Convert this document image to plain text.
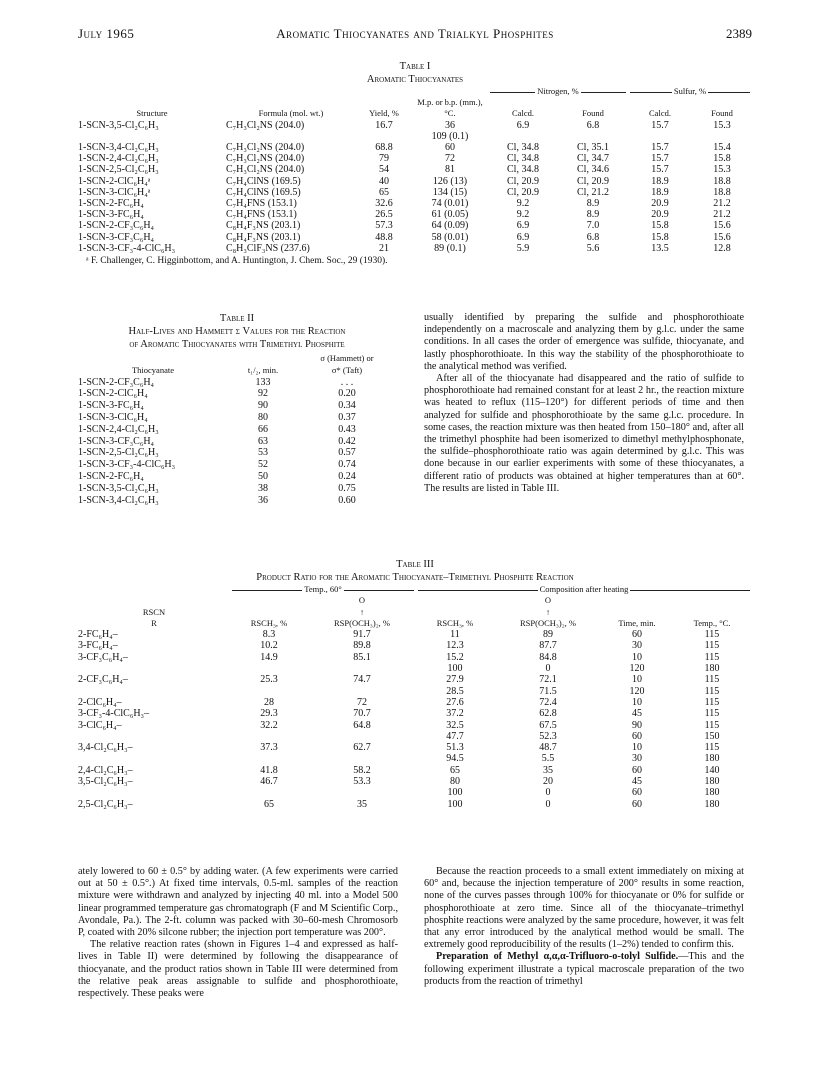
July 1965	Aromatic Thiocyanates and Trialkyl Phosphites	2389
Table I
Aromatic Thiocyanates
				Nitrogen, %		Sulfur, %	
Structure	Formula (mol. wt.)	Yield, %	M.p. or b.p. (mm.), °C.	Calcd.	Found	Calcd.	Found
1-SCN-3,5-Cl₂C₆H₃	C₇H₃Cl₂NS (204.0)	16.7	36	6.9	6.8	15.7	15.3
			109 (0.1)				
1-SCN-3,4-Cl₂C₆H₃	C₇H₃Cl₂NS (204.0)	68.8	60	Cl, 34.8	Cl, 35.1	15.7	15.4
1-SCN-2,4-Cl₂C₆H₃	C₇H₃Cl₂NS (204.0)	79	72	Cl, 34.8	Cl, 34.7	15.7	15.8
1-SCN-2,5-Cl₂C₆H₃	C₇H₃Cl₂NS (204.0)	54	81	Cl, 34.8	Cl, 34.6	15.7	15.3
1-SCN-2-ClC₆H₄ᵃ	C₇H₄ClNS (169.5)	40	126 (13)	Cl, 20.9	Cl, 20.9	18.9	18.8
1-SCN-3-ClC₆H₄ᵃ	C₇H₄ClNS (169.5)	65	134 (15)	Cl, 20.9	Cl, 21.2	18.9	18.8
1-SCN-2-FC₆H₄	C₇H₄FNS (153.1)	32.6	74 (0.01)	9.2	8.9	20.9	21.2
1-SCN-3-FC₆H₄	C₇H₄FNS (153.1)	26.5	61 (0.05)	9.2	8.9	20.9	21.2
1-SCN-2-CF₃C₆H₄	C₈H₄F₃NS (203.1)	57.3	64 (0.09)	6.9	7.0	15.8	15.6
1-SCN-3-CF₃C₆H₄	C₈H₄F₃NS (203.1)	48.8	58 (0.01)	6.9	6.8	15.8	15.6
1-SCN-3-CF₃-4-ClC₆H₃	C₈H₃ClF₃NS (237.6)	21	89 (0.1)	5.9	5.6	13.5	12.8
ᵃ F. Challenger, C. Higginbottom, and A. Huntington, J. Chem. Soc., 29 (1930).
Table II
Half-Lives and Hammett σ Values for the Reaction
of Aromatic Thiocyanates with Trimethyl Phosphite
		σ (Hammett) or
Thiocyanate	t₁/₂, min.	σ* (Taft)
1-SCN-2-CF₃C₆H₄	133	. . .
1-SCN-2-ClC₆H₄	92	0.20
1-SCN-3-FC₆H₄	90	0.34
1-SCN-3-ClC₆H₄	80	0.37
1-SCN-2,4-Cl₂C₆H₃	66	0.43
1-SCN-3-CF₃C₆H₄	63	0.42
1-SCN-2,5-Cl₂C₆H₃	53	0.57
1-SCN-3-CF₃-4-ClC₆H₃	52	0.74
1-SCN-2-FC₆H₄	50	0.24
1-SCN-3,5-Cl₂C₆H₃	38	0.75
1-SCN-3,4-Cl₂C₆H₃	36	0.60

usually identified by preparing the sulfide and phosphorothioate independently on a macroscale and analyzing them by g.l.c. under the same conditions. In all cases the order of emergence was sulfide, thiocyanate, and lastly phosphorothioate. In this way the stability of the phosphorothioate to the analytical method was verified.

After all of the thiocyanate had disappeared and the ratio of sulfide to phosphorothioate had remained constant for at least 2 hr., the reaction mixture was heated to reflux (115–120°) for different periods of time and then analyzed for sulfide and phosphorothioate by the same g.l.c. procedure. In some cases, the reaction mixture was then heated from 150–180° and, after all the trimethyl phosphite had been isomerized to dimethyl methylphosphonate, the sulfide–phosphorothioate ratio was again determined by g.l.c. This was done because in our earlier experiments with some of these thiocyanates, a different ratio of products was obtained at higher temperatures than at 60°. The results are listed in Table III.

Table III
Product Ratio for the Aromatic Thiocyanate–Trimethyl Phosphite Reaction
	Temp., 60°		Composition after heating			
		O		O		
RSCN		↑		↑		
R	RSCH₃, %	RSP(OCH₃)₂, %	RSCH₃, %	RSP(OCH₃)₂, %	Time, min.	Temp., °C.
2-FC₆H₄–	8.3	91.7	11	89	60	115
3-FC₆H₄–	10.2	89.8	12.3	87.7	30	115
3-CF₃C₆H₄–	14.9	85.1	15.2	84.8	10	115
			100	0	120	180
2-CF₃C₆H₄–	25.3	74.7	27.9	72.1	10	115
			28.5	71.5	120	115
2-ClC₆H₄–	28	72	27.6	72.4	10	115
3-CF₃-4-ClC₆H₃–	29.3	70.7	37.2	62.8	45	115
3-ClC₆H₄–	32.2	64.8	32.5	67.5	90	115
			47.7	52.3	60	150
3,4-Cl₂C₆H₃–	37.3	62.7	51.3	48.7	10	115
			94.5	5.5	30	180
2,4-Cl₂C₆H₃–	41.8	58.2	65	35	60	140
3,5-Cl₂C₆H₃–	46.7	53.3	80	20	45	180
			100	0	60	180
2,5-Cl₂C₆H₃–	65	35	100	0	60	180

ately lowered to 60 ± 0.5° by adding water. (A few experiments were carried out at 50 ± 0.5°.) At fixed time intervals, 0.5-ml. samples of the reaction mixture were withdrawn and analyzed by injecting 40 ml. into a Model 500 linear programmed temperature gas chromatograph (F and M Scientific Corp., Avondale, Pa.). The 2-ft. column was packed with 30–60-mesh Chromosorb P, coated with 20% silcone rubber; the injection port temperature was 200°.

The relative reaction rates (shown in Figures 1–4 and expressed as half-lives in Table II) were determined by following the disappearance of thiocyanate, and the product ratios shown in Table III were determined from the relative peak areas assignable to sulfide and phosphorothioate, respectively. These peaks were

Because the reaction proceeds to a small extent immediately on mixing at 60° and, because the injection temperature of 200° results in some reaction, none of the curves passes through 100% for thiocyanate or 0% for sulfide or phosphorothioate at zero time. Since all of the thiocyanate–trimethyl phosphite reactions were analyzed by the same procedure, however, it was felt that any error introduced by the analytical method would be small. The extremely good reproducibility of the results (1–2%) tended to confirm this.

Preparation of Methyl α,α,α-Trifluoro-o-tolyl Sulfide.—This and the following experiment illustrate a typical macroscale preparation of the two products from the reaction of trimethyl
